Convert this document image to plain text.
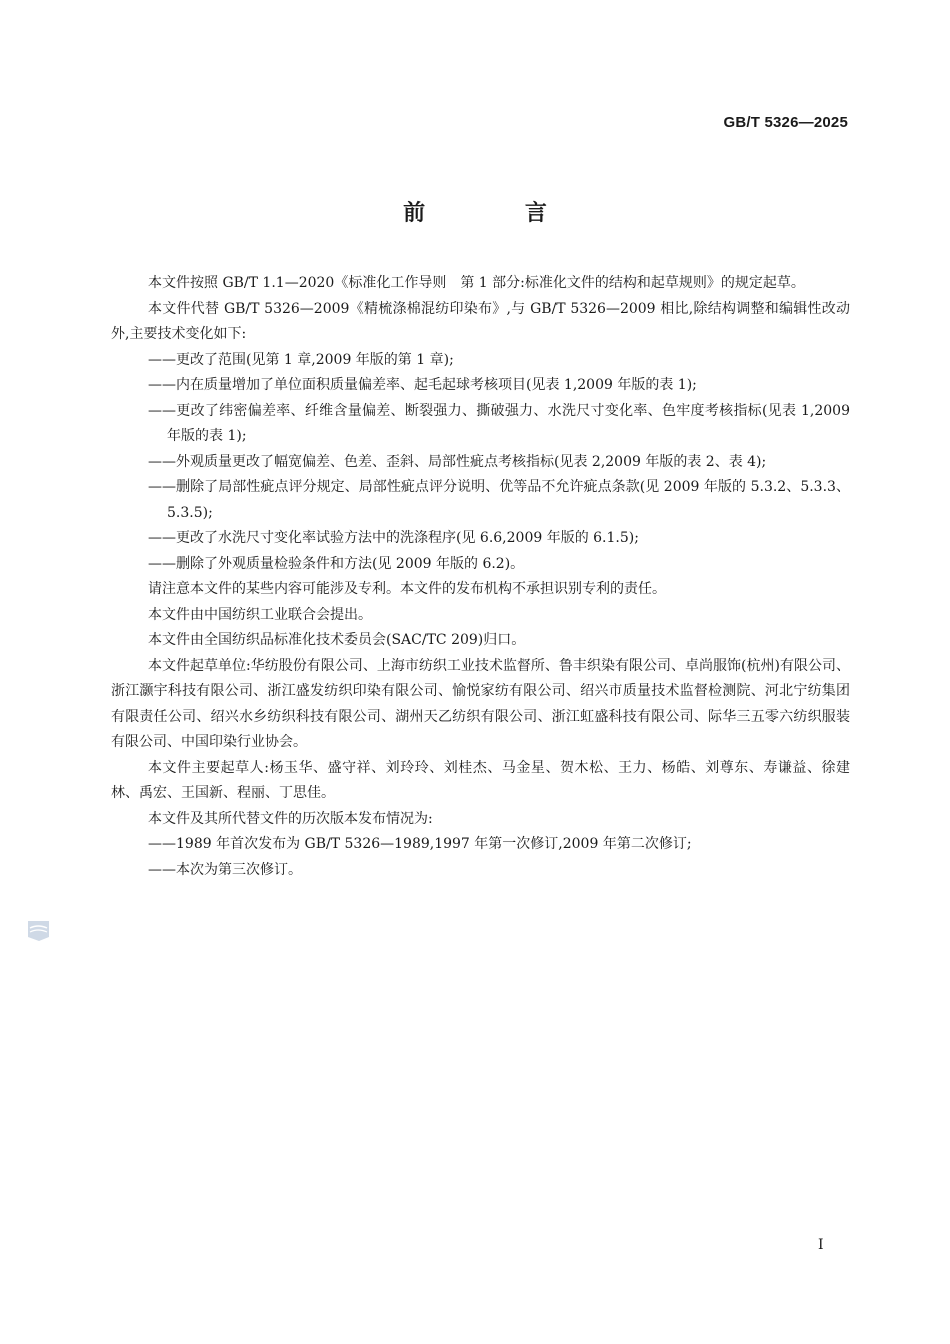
GB/T 5326—2025
前 言

本文件按照 GB/T 1.1—2020《标准化工作导则　第 1 部分:标准化文件的结构和起草规则》的规定起草。

本文件代替 GB/T 5326—2009《精梳涤棉混纺印染布》,与 GB/T 5326—2009 相比,除结构调整和编辑性改动外,主要技术变化如下:

——更改了范围(见第 1 章,2009 年版的第 1 章);

——内在质量增加了单位面积质量偏差率、起毛起球考核项目(见表 1,2009 年版的表 1);

——更改了纬密偏差率、纤维含量偏差、断裂强力、撕破强力、水洗尺寸变化率、色牢度考核指标(见表 1,2009 年版的表 1);

——外观质量更改了幅宽偏差、色差、歪斜、局部性疵点考核指标(见表 2,2009 年版的表 2、表 4);

——删除了局部性疵点评分规定、局部性疵点评分说明、优等品不允许疵点条款(见 2009 年版的 5.3.2、5.3.3、5.3.5);

——更改了水洗尺寸变化率试验方法中的洗涤程序(见 6.6,2009 年版的 6.1.5);

——删除了外观质量检验条件和方法(见 2009 年版的 6.2)。

请注意本文件的某些内容可能涉及专利。本文件的发布机构不承担识别专利的责任。

本文件由中国纺织工业联合会提出。

本文件由全国纺织品标准化技术委员会(SAC/TC 209)归口。

本文件起草单位:华纺股份有限公司、上海市纺织工业技术监督所、鲁丰织染有限公司、卓尚服饰(杭州)有限公司、浙江灏宇科技有限公司、浙江盛发纺织印染有限公司、愉悦家纺有限公司、绍兴市质量技术监督检测院、河北宁纺集团有限责任公司、绍兴水乡纺织科技有限公司、湖州天乙纺织有限公司、浙江虹盛科技有限公司、际华三五零六纺织服装有限公司、中国印染行业协会。

本文件主要起草人:杨玉华、盛守祥、刘玲玲、刘桂杰、马金星、贺木松、王力、杨皓、刘尊东、寿谦益、徐建林、禹宏、王国新、程丽、丁思佳。

本文件及其所代替文件的历次版本发布情况为:

——1989 年首次发布为 GB/T 5326—1989,1997 年第一次修订,2009 年第二次修订;

——本次为第三次修订。

I
